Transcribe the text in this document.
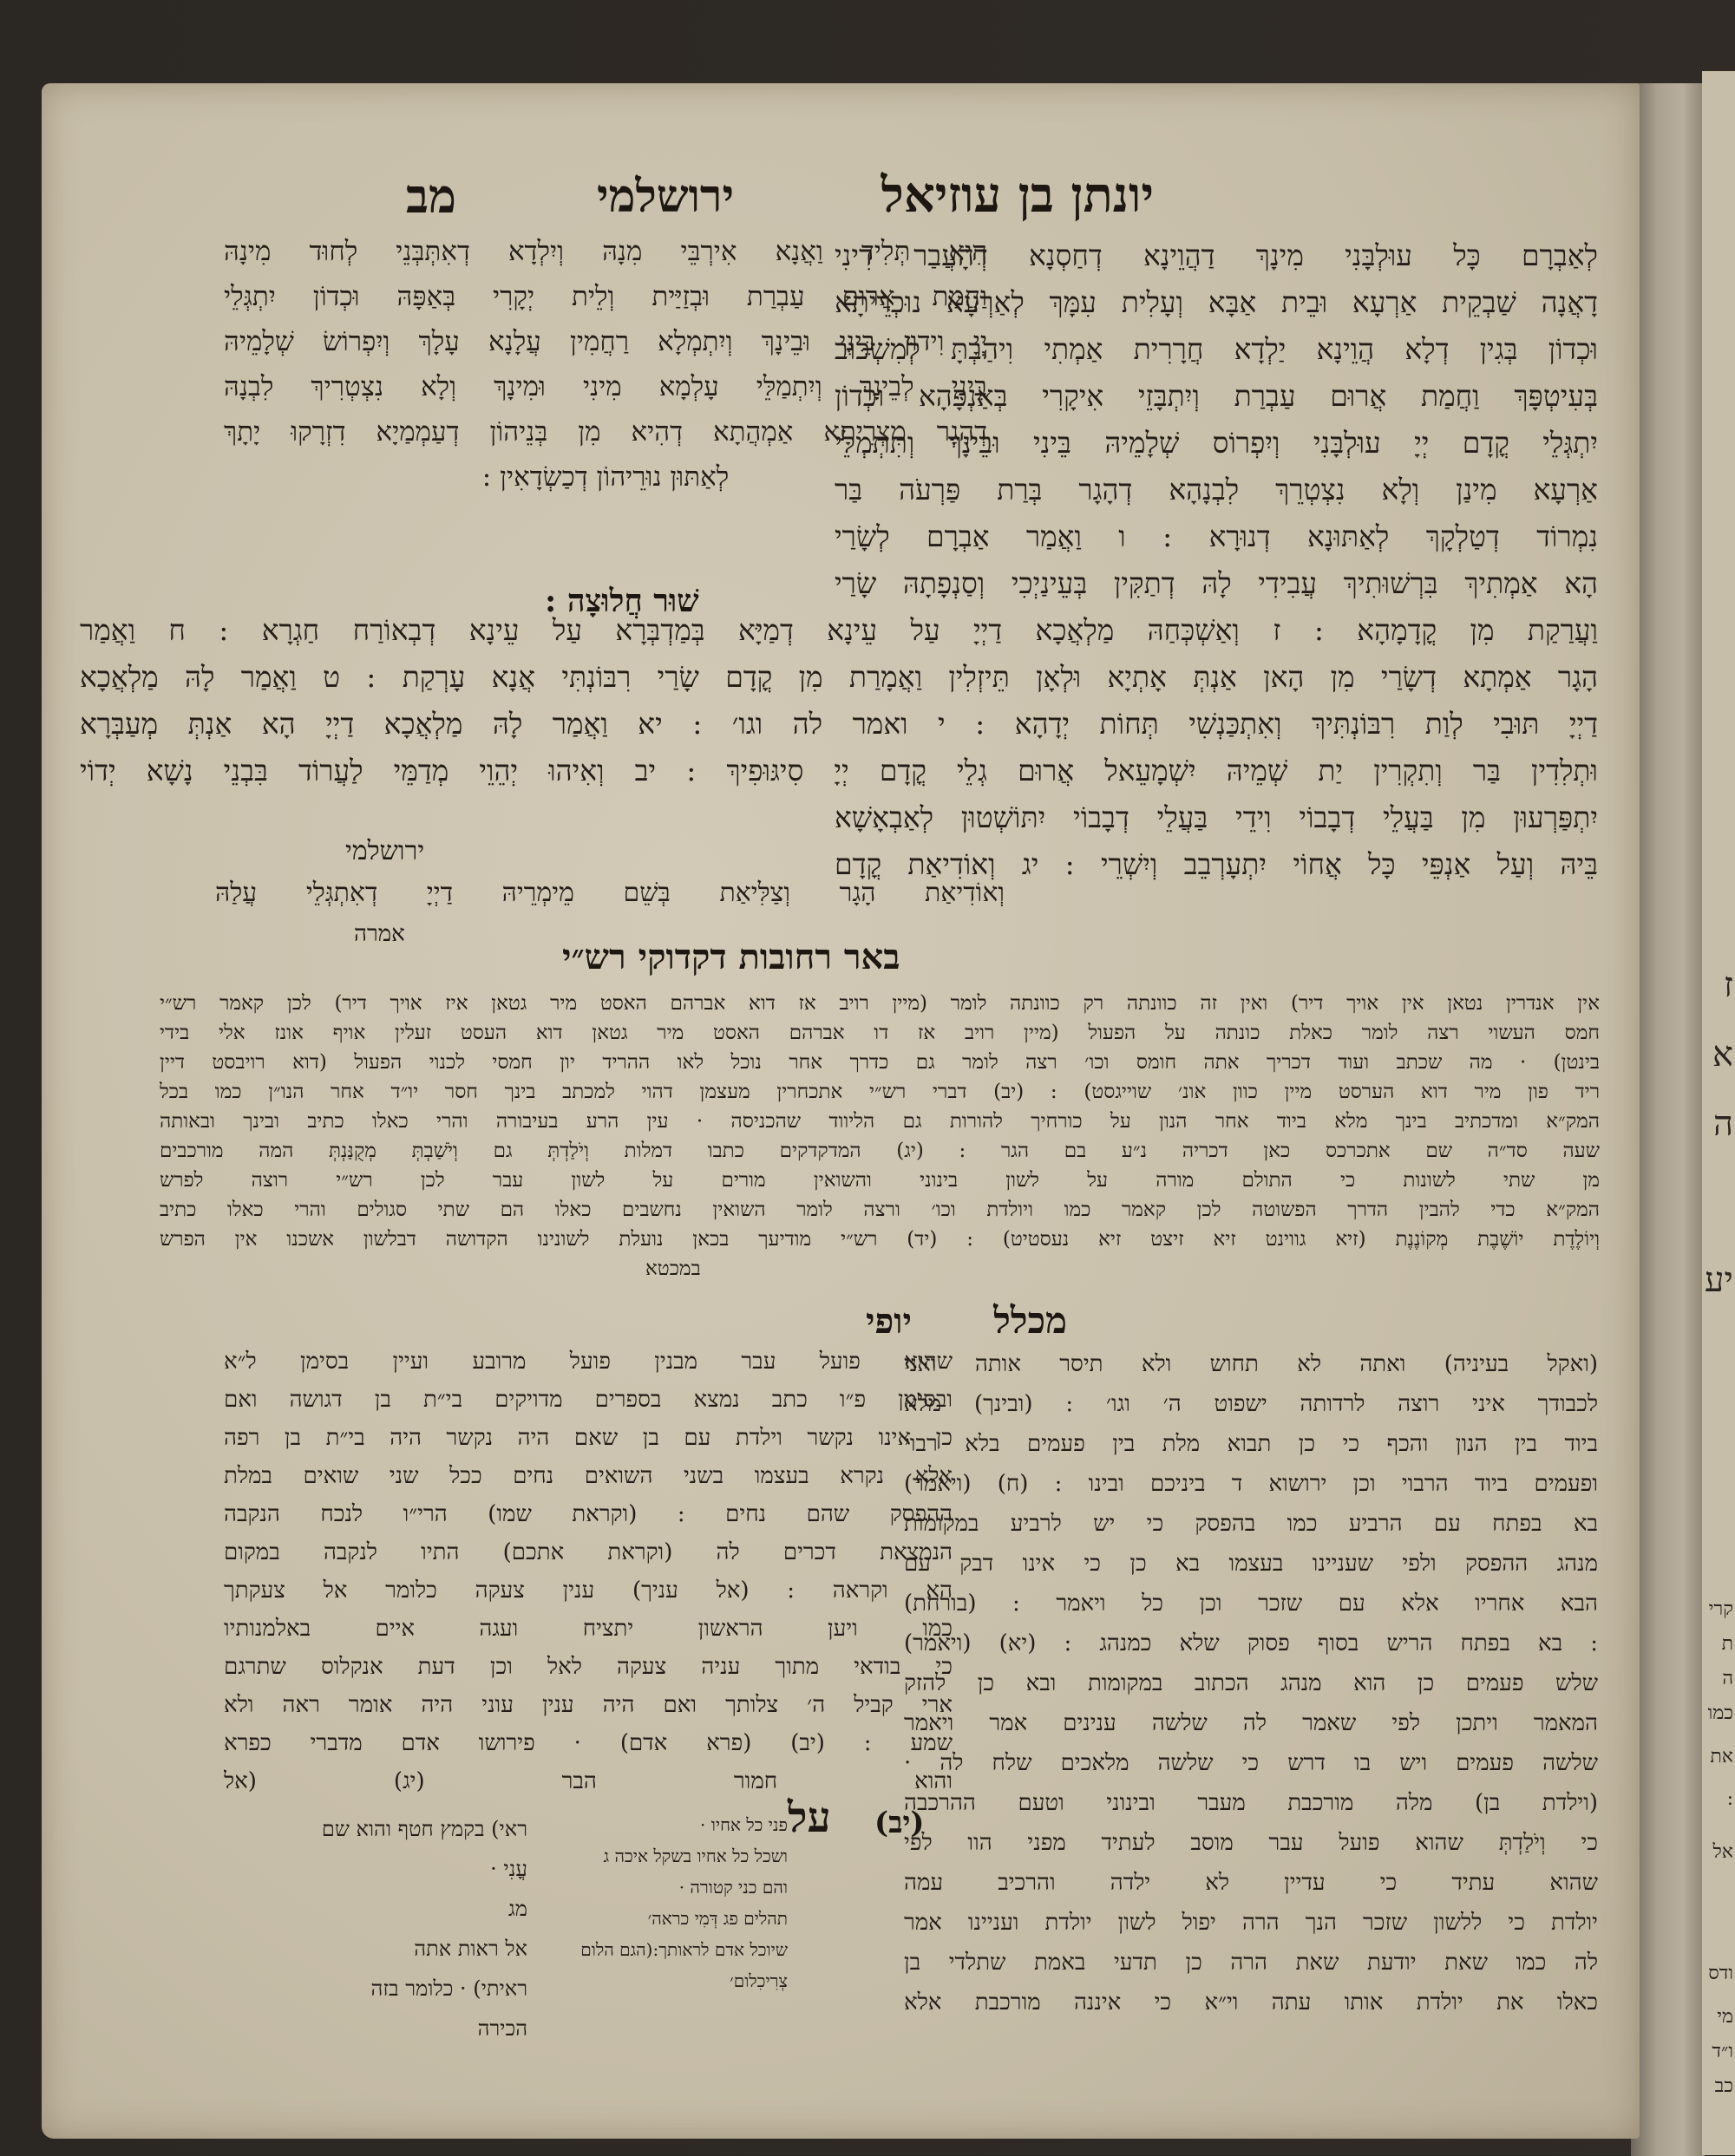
ז
א
ה
יע
קרי
ת
ה
כמו
את
:
אל
ודס
מי
ו״ד
כב
יונתן בן עוזיאל
ירושלמי
מב
לְאַבְרָם כָּל עוּלְבָּנִי מִינָךְ דַהֲוֵינָא דְחַסְנָא דְהָעֲבַר דִינִי
דָאֲנָה שַׁבְקֵית אַרְעָא וּבֵית אַבָּא וְעָלִית עִמָּךְ לְאַרְעָא נוּכְרֵיתָא
וּכְדוֹן בְּגִין דְלָא הֲוֵינָא יַלְדָא חֲרָרִית אַמְתִי וִיהַבְתָּ לְמִשְׁכּוּב
בְּעִיטְפָּךְ וַחֲמַת אֲרוּם עַבְרַת וְיִתְבָּזֵי אִיקָרִי בְּאַנְפָּהָא וּכְדוֹן
יִתְגְּלֵי קֳדָם יְיָ עוּלְבָּנִי וְיִפְרוֹס שְׁלָמֵיהּ בֵּינִי וּבֵינָךְ וְתִתְמְלֵי
אַרְעָא מִינַן וְלָא נִצְטְרֵךְ לִבְנָהָא דְהָגָר בְּרַת פַּרְעֹה בַּר
נִמְרוֹד דְטַלְקָךְ לְאַתּוּנָא דְנוּרָא : ו וַאֲמַר אַבְרָם לְשָׂרַי
הָא אַמְתִיךְ בִּרְשׁוּתִיךְ עֲבִידִי לָהּ דְתַקִּין בְּעֵינַיְכִי וְסַנְפָתָהּ שָׂרַי
וַעֲרַקַת מִן קֳדָמָהָא : ז וְאַשְׁכְּחַהּ מַלְאֲכָא דַיְיָ עַל עֵינָא דְמַיָּא בְּמַדְבְּרָא עַל עֵינָא דְבְאוֹרַח חַגְרָא : ח וַאֲמַר
הָגָר אַמְתָא דְשָׂרַי מִן הָאן אַנְתְּ אָתְיָא וּלְאָן תֵּיזְלִין וַאֲמָרַת מִן קֳדָם שָׂרַי רִבּוֹנְתִּי אֲנָא עָרְקַת : ט וַאֲמַר לָהּ מַלְאֲכָא
דַיְיָ תּוּבִי לְוַת רִבּוֹנְתִּיךְ וְאִתְכַּנְשִׁי תְּחוֹת יְדָהָא : י ואמר לה וגו׳ : יא וַאֲמַר לָהּ מַלְאֲכָא דַיְיָ הָא אַנְתְּ מְעַבְּרָא
וּתְלִדִין בַּר וְתִקְרִין יַת שְׁמֵיהּ יִשְׁמָעֵאל אֲרוּם גְלֵי קֳדָם יְיָ סִיגּוּפִיךְ : יב וְאִיהוּ יְהֵוֵי מְדַמֵּי לַעֲרוֹד בִּבְנֵי נָשָׁא יְדוֹי
יִתְפַּרְעוּן מִן בַּעֲלֵי דְבָבוֹי וִידֵי בַּעֲלֵי דְבָבוֹי יִתּוֹשְׁטוּן לְאַבְאָשָׁא
בֵּיהּ וְעַל אַנְפֵּי כָּל אֲחוֹי יִתְעָרְבֵב וְיִשְׁרֵי : יג וְאוֹדִיאַת קֳדָם
הִיא תְּלִיד וַאֲנָא אִירְבֵּי מִנָהּ וְיִלְדָא דְאִתְּבְּנֵי לְחוּד מִינָהּ
וַחֲמַת אֲרוּם עַבְרַת וּבְזַיַּית וְלֵית יְקָרִי בְּאַפָּהּ וּכְדוֹן יִתְגְּלֵי
יְיָ וִידוּן בֵּינִי וּבֵינָךְ וְיִתְמְלָא רַחֲמִין עֲלָנָא עָלָךְ וְיִפְרוֹשׂ שְׁלָמֵיהּ
בֵּינִי לְבֵינָךְ וְיִתְמַלֵּי עָלְמָא מִינִי וּמִינָךְ וְלָא נִצְטְרִיךְ לִבְנָהּ
דְהָגָר מִצְרֵיתָא אַמְהֲתָא דְהִיא מִן בְּנֵיהוֹן דְעַמְמַיָא דִזְרָקוּ יָתָךְ
לְאַתּוּן נוּרֵיהוֹן דְכַשְׂדָאִין :
שׁוּר חֲלוּצָה :
ירושלמי
וְאוֹדִיאַת הָגָר וְצַלִּיאַת בְּשֵׁם מֵימְרֵיהּ דַיְיָ דְאִתְגְּלֵי עֲלַהּ
אמרה
באר רחובות דקדוקי רש״י
אין אנדרין נטאן אין אויך דיר) ואין זה כוונתה רק כוונתה לומר (מיין רויב אז דוא אברהם האסט מיר גטאן איז אויך דיר) לכן קאמר רש״י
חמס העשוי רצה לומר כאלת כונתה על הפעול (מיין רויב אז דו אברהם האסט מיר גטאן דוא העסט זעלין אויף אונז אלי בידי
בינטן) · מה שכתב ועוד דכריך אתה חומס וכו׳ רצה לומר גם כדרך אחר נוכל לאו ההריד יון חמסי לכנוי הפעול (דוא רויבסט דיין
ריד פון מיר דוא הערסט מיין כוון אונ׳ שוייגסט) : (יב) דברי רש״י אתכחרין מעצמן דהוי למכתב בינך חסר יו״ד אחר הנו״ן כמו בכל
המק״א ומדכתיב בינך מלא ביוד אחר הנון על כורחיך להורות גם הליווד שהכניסה · עין הרע בעיבורה והרי כאלו כתיב ובינך ובאותה
שעה סד״ה שם אתכרכס כאן דכריה נ״ע בם הגר : (יג) המדקדקים כתבו דמלות וְיֹלַדְתְּ גם וְיֹשַׁבְתְּ מְקֻנַּנְתְּ המה מורכבים
מן שתי לשונות כי התולם מורה על לשון בינוני והשואין מורים על לשון עבר לכן רש״י רוצה לפרש
המק״א כדי להבין הדרך הפשוטה לכן קאמר כמו ויולדת וכו׳ ורצה לומר השואין נחשבים כאלו הם שתי סגולים והרי כאלו כתיב
וְיוֹלֶדֶת יוֹשֶׁבֶת מְקוֹנֶנֶת (זיא גווינט זיא זיצט זיא נעסטיט) : (יד) רש״י מודיעך בכאן נועלת לשונינו הקדושה דבלשון אשכנו אין הפרש
במכטא
מכלל
יופי
(ואקל בעיניה) ואתה לא תחוש ולא תיסר אותה ואני
לכבודך איני רוצה לרדותה ישפוט ה׳ וגו׳ : (ובינך) מלא
ביוד בין הנון והכף כי כן תבוא מלת בין פעמים בלא רבוי
ופעמים ביוד הרבוי וכן ירושוא ד ביניכם ובינו : (ח) (ויאמר)
בא בפתח עם הרביע כמו בהפסק כי יש לרביע במקומות
מנהג ההפסק ולפי שעניינו בעצמו בא כן כי אינו דבק עם
הבא אחריו אלא עם שזכר וכן כל ויאמר : (בורחת)
: בא בפתח הריש בסוף פסוק שלא כמנהג : (יא) (ויאמר)
שלש פעמים כן הוא מנהג הכתוב במקומות ובא כן להזק
המאמר ויתכן לפי שאמר לה שלשה ענינים אמר ויאמר
שלשה פעמים ויש בו דרש כי שלשה מלאכים שלח לה ·
(וילדת בן) מלה מורכבת מעבר ובינוני וטעם ההרכבה
כי וְיֹלַדְתְּ שהוא פועל עבר מוסב לעתיד מפני הוו לפי
שהוא עתיד כי עדיין לא ילדה והרכיב עמה
יולדת כי ללשון שזכר הנך הרה יפול לשון יולדת ועניינו אמר
לה כמו שאת יודעת שאת הרה כן תדעי באמת שתלדי בן
כאלו את יולדת אותו עתה וי״א כי איננה מורכבת אלא
שהיא פועל עבר מבנין פועל מרובע ועיין בסימן ל״א
ובסימן פ״ו כתב נמצא בספרים מדויקים בי״ת בן דגושה ואם
כן אינו נקשר וילדת עם בן שאם היה נקשר היה בי״ת בן רפה
אלא נקרא בעצמו בשני השואים נחים ככל שני שואים במלת
ההפסק שהם נחים : (וקראת שמו) הרי״ו לנכח הנקבה
הנמצאת דכרים לה (וקראת אתכם) התיו לנקבה במקום
הא וקראה : (אל עניך) ענין צעקה כלומר אל צעקתך
כמו ויען הראשון יתציח ועגה איים באלמנותיו
כי בודאי מתוך עניה צעקה לאל וכן דעת אנקלוס שתרגם
ארי קביל ה׳ צלותך ואם היה ענין עוני היה אומר ראה ולא
שמע : (יב) (פרא אדם) · פירושו אדם מדברי כפרא
והוא חמור הבר (יג) (אל
(יב)
על
פני כל אחיו ·
ושכל כל אחיו בשקל איכה ג
והם כני קטורה ·
תהלים פג דְּמִי כראה׳
שיוכל אדם לראותך:(הגם הלום
צְרִיכִלום׳
ראי) בקמץ חטף והוא שם
עֳנִי ·
מג
אל ראות אתה
ראיתי) · כלומר בזה
הכירה
